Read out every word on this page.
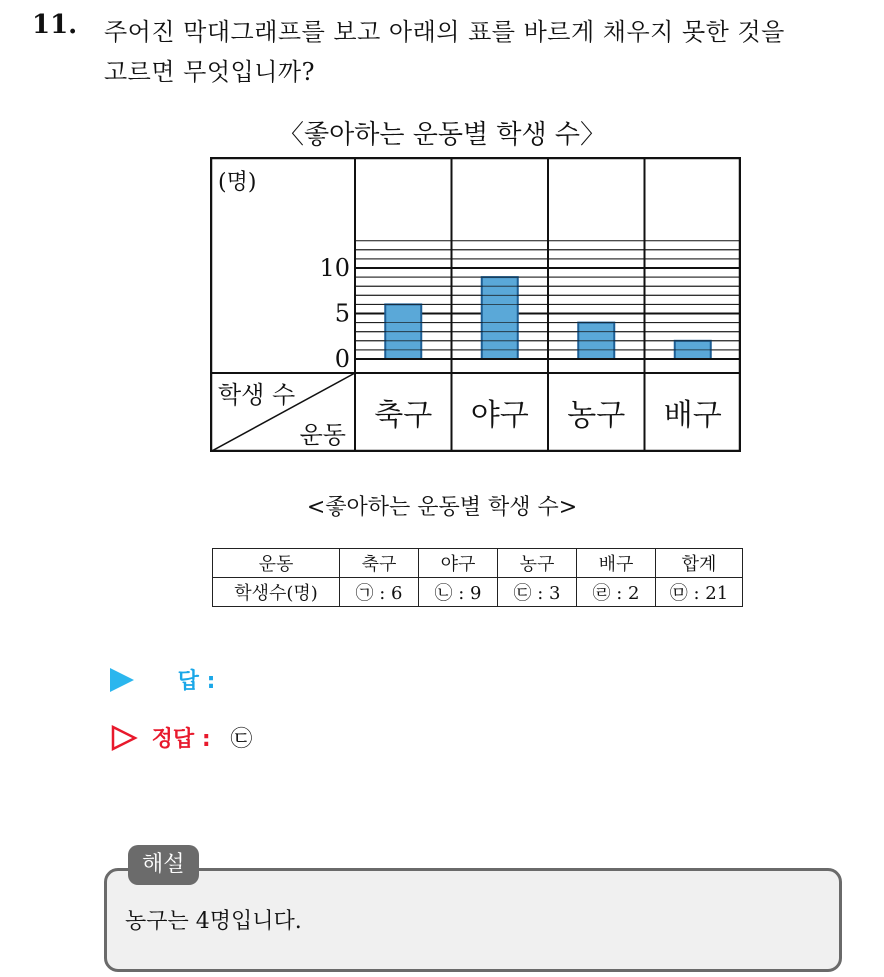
11. 주어진 막대그래프를 보고 아래의 표를 바르게 채우지 못한 것을
고르면 무엇입니까?
〈좋아하는 운동별 학생 수〉
0
5
10
(명)
축구 야구 농구 배구
학생 수
운동
<좋아하는 운동별 학생 수>
운동	축구	야구	농구	배구	합계
학생수(명)	㉠ : 6	㉡ : 9	㉢ : 3	㉣ : 2	㉤ : 21
답 :
정답 : ㉢
해설
농구는 4명입니다.
